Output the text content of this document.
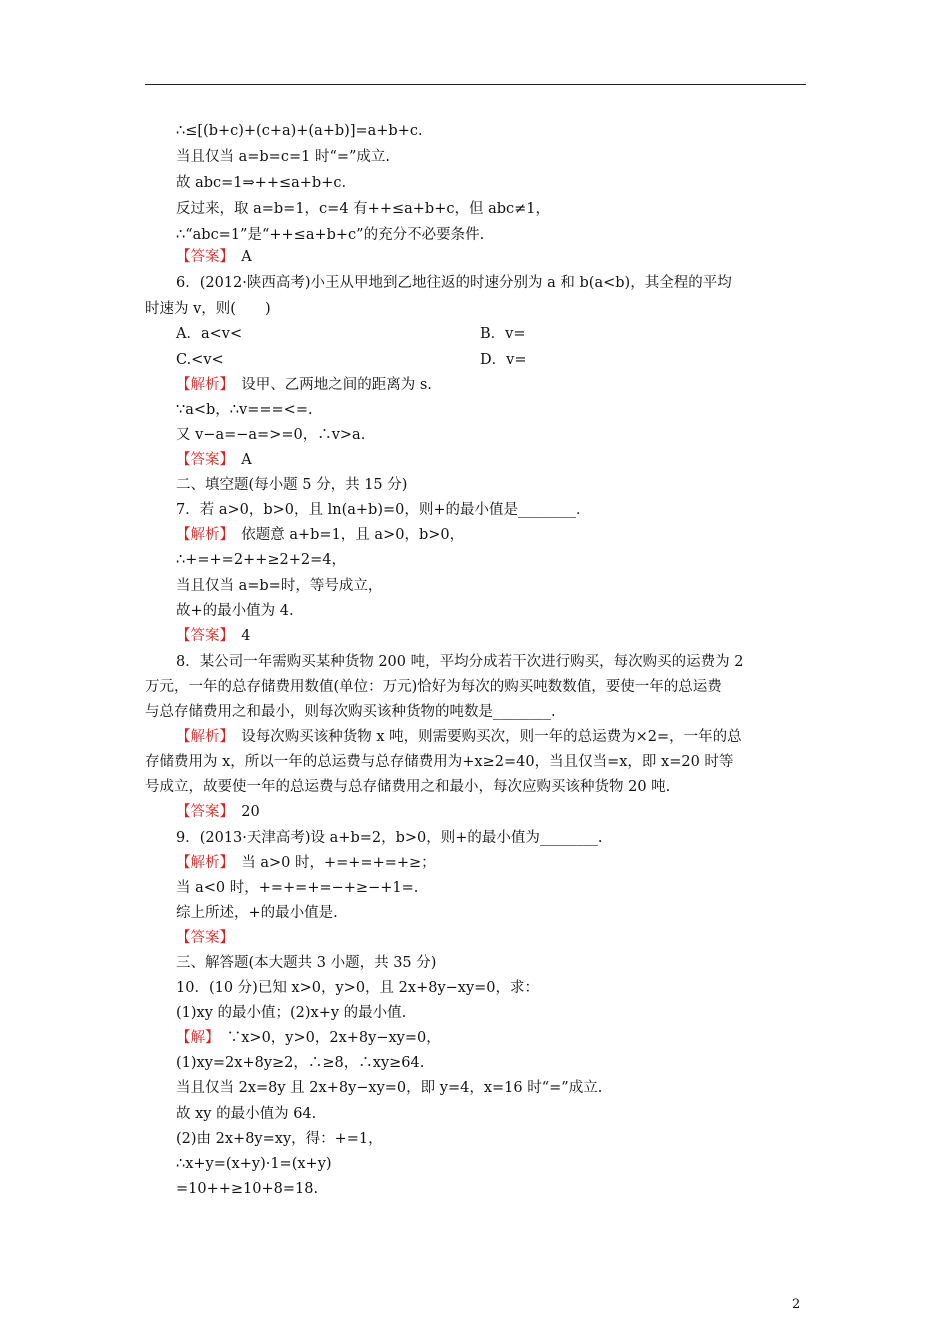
∴≤[(b+c)+(c+a)+(a+b)]=a+b+c.
当且仅当 a=b=c=1 时“=”成立.
故 abc=1⇒++≤a+b+c.
反过来，取 a=b=1，c=4 有++≤a+b+c，但 abc≠1，
∴“abc=1”是“++≤a+b+c”的充分不必要条件.
【答案】　A
6．(2012·陕西高考)小王从甲地到乙地往返的时速分别为 a 和 b(a<b)，其全程的平均
时速为 v，则(　　)
A．a<v<	B．v=
C.<v<	D．v=
【解析】　设甲、乙两地之间的距离为 s.
∵a<b，∴v===<=.
又 v−a=−a=>=0，∴v>a.
【答案】　A
二、填空题(每小题 5 分，共 15 分)
7．若 a>0，b>0，且 ln(a+b)=0，则+的最小值是________．
【解析】　依题意 a+b=1，且 a>0，b>0，
∴+=+=2++≥2+2=4，
当且仅当 a=b=时，等号成立，
故+的最小值为 4.
【答案】　4
8．某公司一年需购买某种货物 200 吨，平均分成若干次进行购买，每次购买的运费为 2
万元，一年的总存储费用数值(单位：万元)恰好为每次的购买吨数数值，要使一年的总运费
与总存储费用之和最小，则每次购买该种货物的吨数是________.
【解析】　设每次购买该种货物 x 吨，则需要购买次，则一年的总运费为×2=，一年的总
存储费用为 x，所以一年的总运费与总存储费用为+x≥2=40，当且仅当=x，即 x=20 时等
号成立，故要使一年的总运费与总存储费用之和最小，每次应购买该种货物 20 吨.
【答案】　20
9．(2013·天津高考)设 a+b=2，b>0，则+的最小值为________.
【解析】　当 a>0 时，+=+=+=+≥；
当 a<0 时，+=+=+=−+≥−+1=.
综上所述，+的最小值是.
【答案】
三、解答题(本大题共 3 小题，共 35 分)
10．(10 分)已知 x>0，y>0，且 2x+8y−xy=0，求：
(1)xy 的最小值；(2)x+y 的最小值.
【解】　∵x>0，y>0，2x+8y−xy=0，
(1)xy=2x+8y≥2，∴≥8，∴xy≥64.
当且仅当 2x=8y 且 2x+8y−xy=0，即 y=4，x=16 时“=”成立.
故 xy 的最小值为 64.
(2)由 2x+8y=xy，得：+=1，
∴x+y=(x+y)·1=(x+y)
=10++≥10+8=18.
2
